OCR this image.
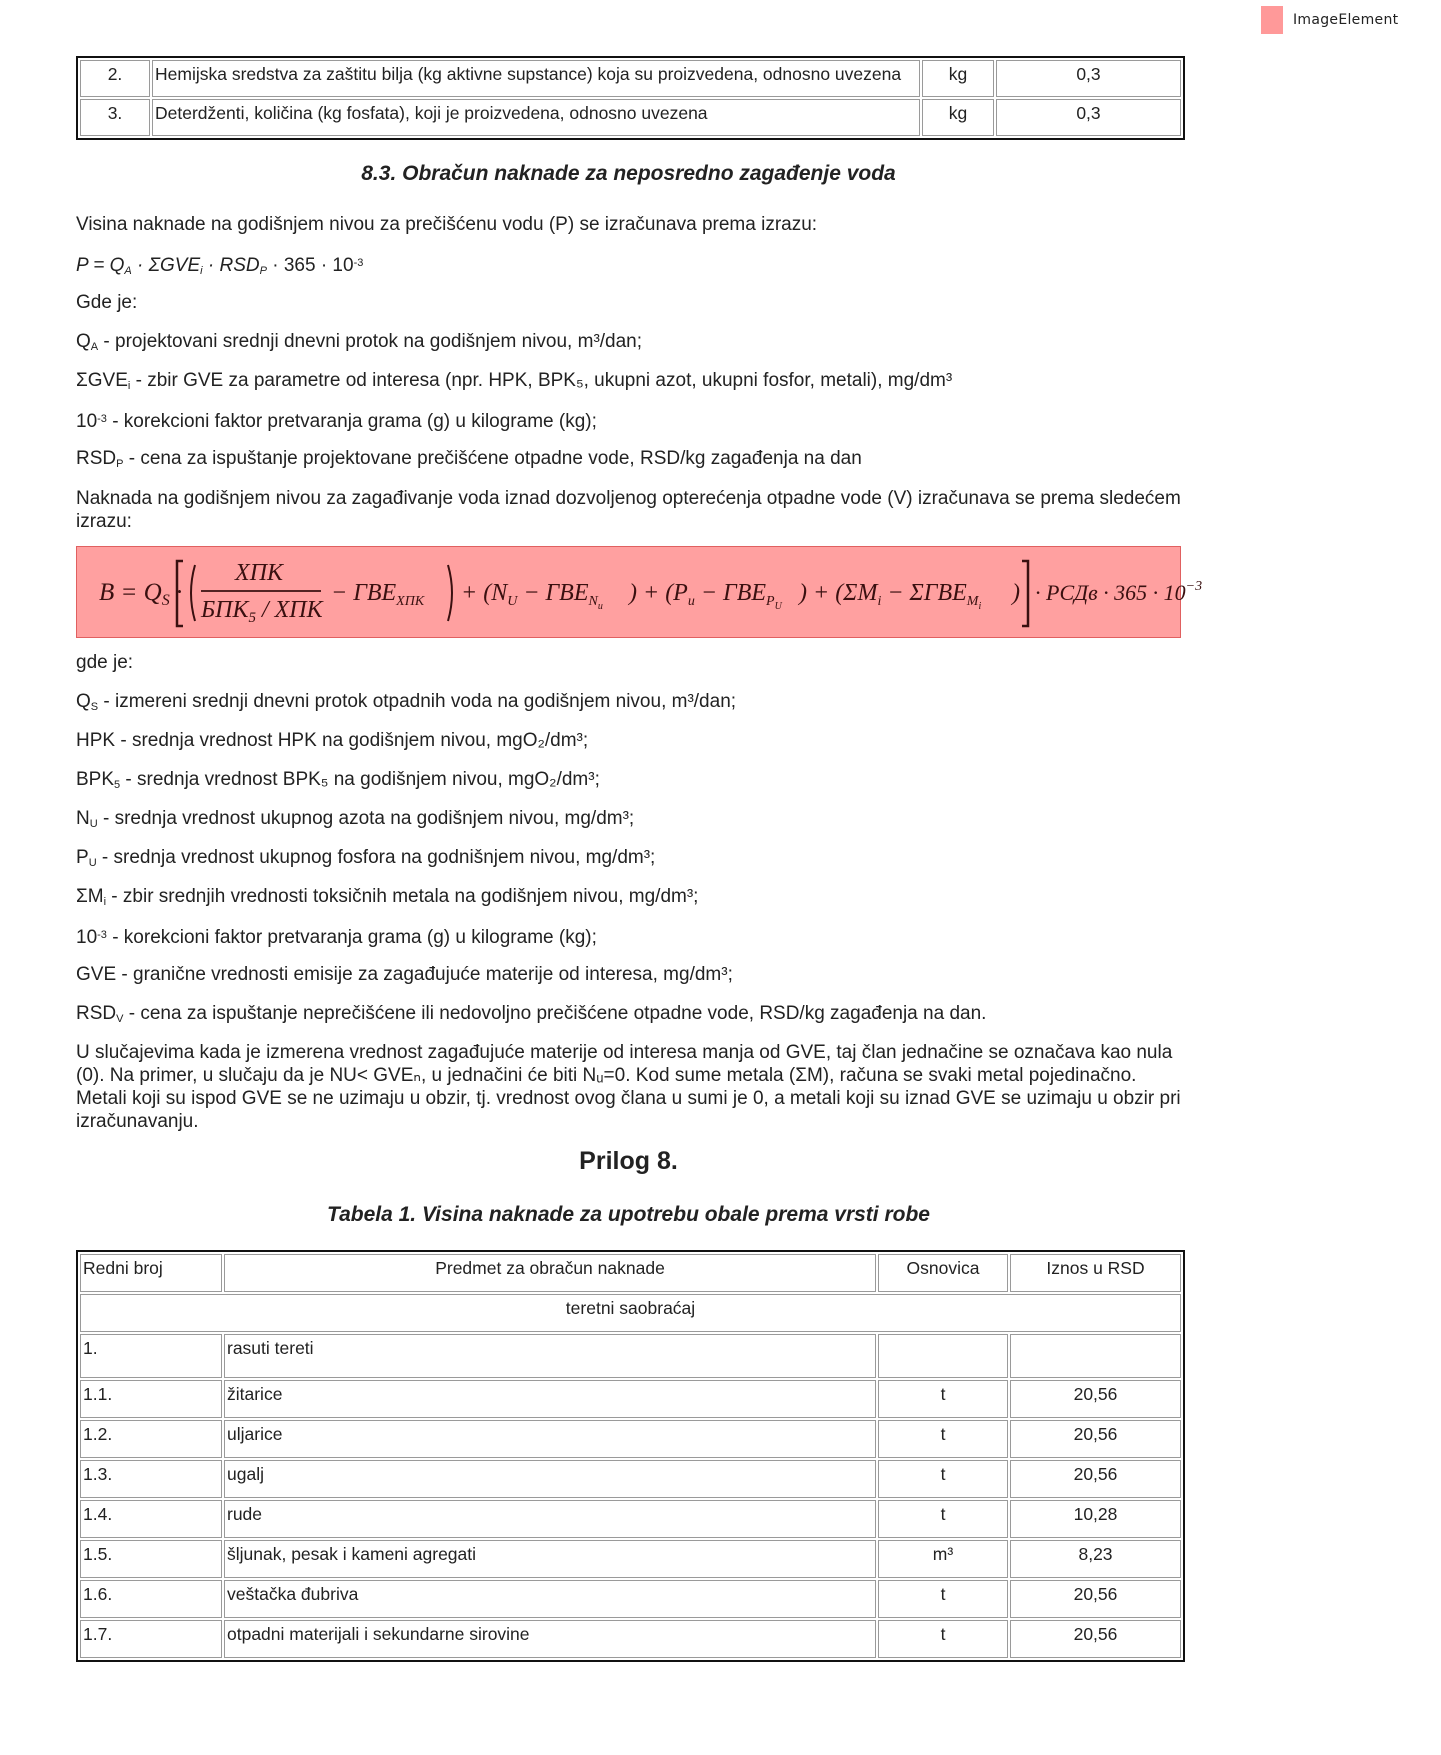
ImageElement
2.	Hemijska sredstva za zaštitu bilja (kg aktivne supstance) koja su proizvedena, odnosno uvezena	kg	0,3
3.	Deterdženti, količina (kg fosfata), koji je proizvedena, odnosno uvezena	kg	0,3
8.3. Obračun naknade za neposredno zagađenje voda
Visina naknade na godišnjem nivou za prečišćenu vodu (P) se izračunava prema izrazu:
$P = Q_A \cdot \Sigma GVE_i \cdot RSD_P \cdot 365 \cdot 10^{-3}$
Gde je:
$Q_A$ - projektovani srednji dnevni protok na godišnjem nivou, m³/dan;
$\Sigma GVE_i$ - zbir GVE za parametre od interesa (npr. HPK, BPK₅, ukupni azot, ukupni fosfor, metali), mg/dm³
$10^{-3}$ - korekcioni faktor pretvaranja grama (g) u kilograme (kg);
$RSD_P$ - cena za ispuštanje projektovane prečišćene otpadne vode, RSD/kg zagađenja na dan
Naknada na godišnjem nivou za zagađivanje voda iznad dozvoljenog opterećenja otpadne vode (V) izračunava se prema sledećem izrazu:
$B = Q_S$ ·
ХПК
$БПК_5$ / ХПК
− $ГВЕ_{ХПК} + (N_U - ГВЕ_Nu$
) + ($P_u - ГВЕ_PU$
) + ($\Sigma M_i - \Sigma ГВЕ_Mi$
) · РСДв · $365 \cdot 10^{-3}$
gde je:
$Q_S$ - izmereni srednji dnevni protok otpadnih voda na godišnjem nivou, m³/dan;
HPK - srednja vrednost HPK na godišnjem nivou, mgO₂/dm³;
$BPK_5$ - srednja vrednost BPK₅ na godišnjem nivou, mgO₂/dm³;
$N_U$ - srednja vrednost ukupnog azota na godišnjem nivou, mg/dm³;
$P_U$ - srednja vrednost ukupnog fosfora na godnišnjem nivou, mg/dm³;
$\Sigma M_i$ - zbir srednjih vrednosti toksičnih metala na godišnjem nivou, mg/dm³;
$10^{-3}$ - korekcioni faktor pretvaranja grama (g) u kilograme (kg);
GVE - granične vrednosti emisije za zagađujuće materije od interesa, mg/dm³;
$RSD_V$ - cena za ispuštanje neprečišćene ili nedovoljno prečišćene otpadne vode, RSD/kg zagađenja na dan.
U slučajevima kada je izmerena vrednost zagađujuće materije od interesa manja od GVE, taj član jednačine se označava kao nula (0). Na primer, u slučaju da je NU< GVEₙ, u jednačini će biti Nᵤ=0. Kod sume metala (ΣM), računa se svaki metal pojedinačno. Metali koji su ispod GVE se ne uzimaju u obzir, tj. vrednost ovog člana u sumi je 0, a metali koji su iznad GVE se uzimaju u obzir pri izračunavanju.
Prilog 8.
Tabela 1. Visina naknade za upotrebu obale prema vrsti robe
Redni broj	Predmet za obračun naknade	Osnovica	Iznos u RSD
teretni saobraćaj			
1.	rasuti tereti		
1.1.	žitarice	t	20,56
1.2.	uljarice	t	20,56
1.3.	ugalj	t	20,56
1.4.	rude	t	10,28
1.5.	šljunak, pesak i kameni agregati	m³	8,23
1.6.	veštačka đubriva	t	20,56
1.7.	otpadni materijali i sekundarne sirovine	t	20,56
